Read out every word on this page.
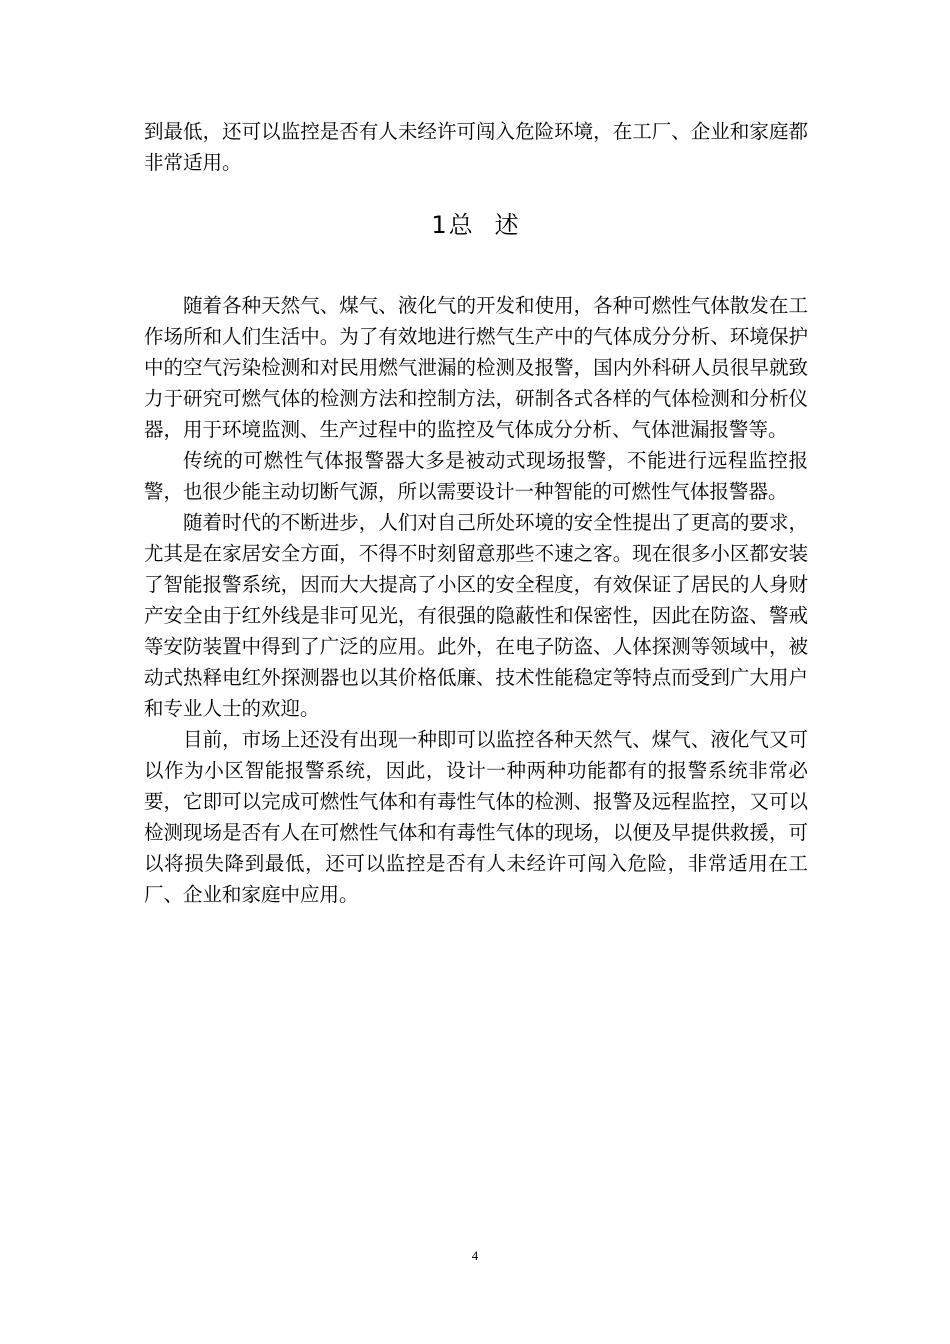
到最低，还可以监控是否有人未经许可闯入危险环境，在工厂、企业和家庭都非常适用。
1总 述

随着各种天然气、煤气、液化气的开发和使用，各种可燃性气体散发在工作场所和人们生活中。为了有效地进行燃气生产中的气体成分分析、环境保护中的空气污染检测和对民用燃气泄漏的检测及报警，国内外科研人员很早就致力于研究可燃气体的检测方法和控制方法，研制各式各样的气体检测和分析仪器，用于环境监测、生产过程中的监控及气体成分分析、气体泄漏报警等。

传统的可燃性气体报警器大多是被动式现场报警，不能进行远程监控报警，也很少能主动切断气源，所以需要设计一种智能的可燃性气体报警器。

随着时代的不断进步，人们对自己所处环境的安全性提出了更高的要求，尤其是在家居安全方面，不得不时刻留意那些不速之客。现在很多小区都安装了智能报警系统，因而大大提高了小区的安全程度，有效保证了居民的人身财产安全由于红外线是非可见光，有很强的隐蔽性和保密性，因此在防盗、警戒等安防装置中得到了广泛的应用。此外，在电子防盗、人体探测等领域中，被动式热释电红外探测器也以其价格低廉、技术性能稳定等特点而受到广大用户和专业人士的欢迎。

目前，市场上还没有出现一种即可以监控各种天然气、煤气、液化气又可以作为小区智能报警系统，因此，设计一种两种功能都有的报警系统非常必要，它即可以完成可燃性气体和有毒性气体的检测、报警及远程监控，又可以检测现场是否有人在可燃性气体和有毒性气体的现场，以便及早提供救援，可以将损失降到最低，还可以监控是否有人未经许可闯入危险，非常适用在工厂、企业和家庭中应用。

4
